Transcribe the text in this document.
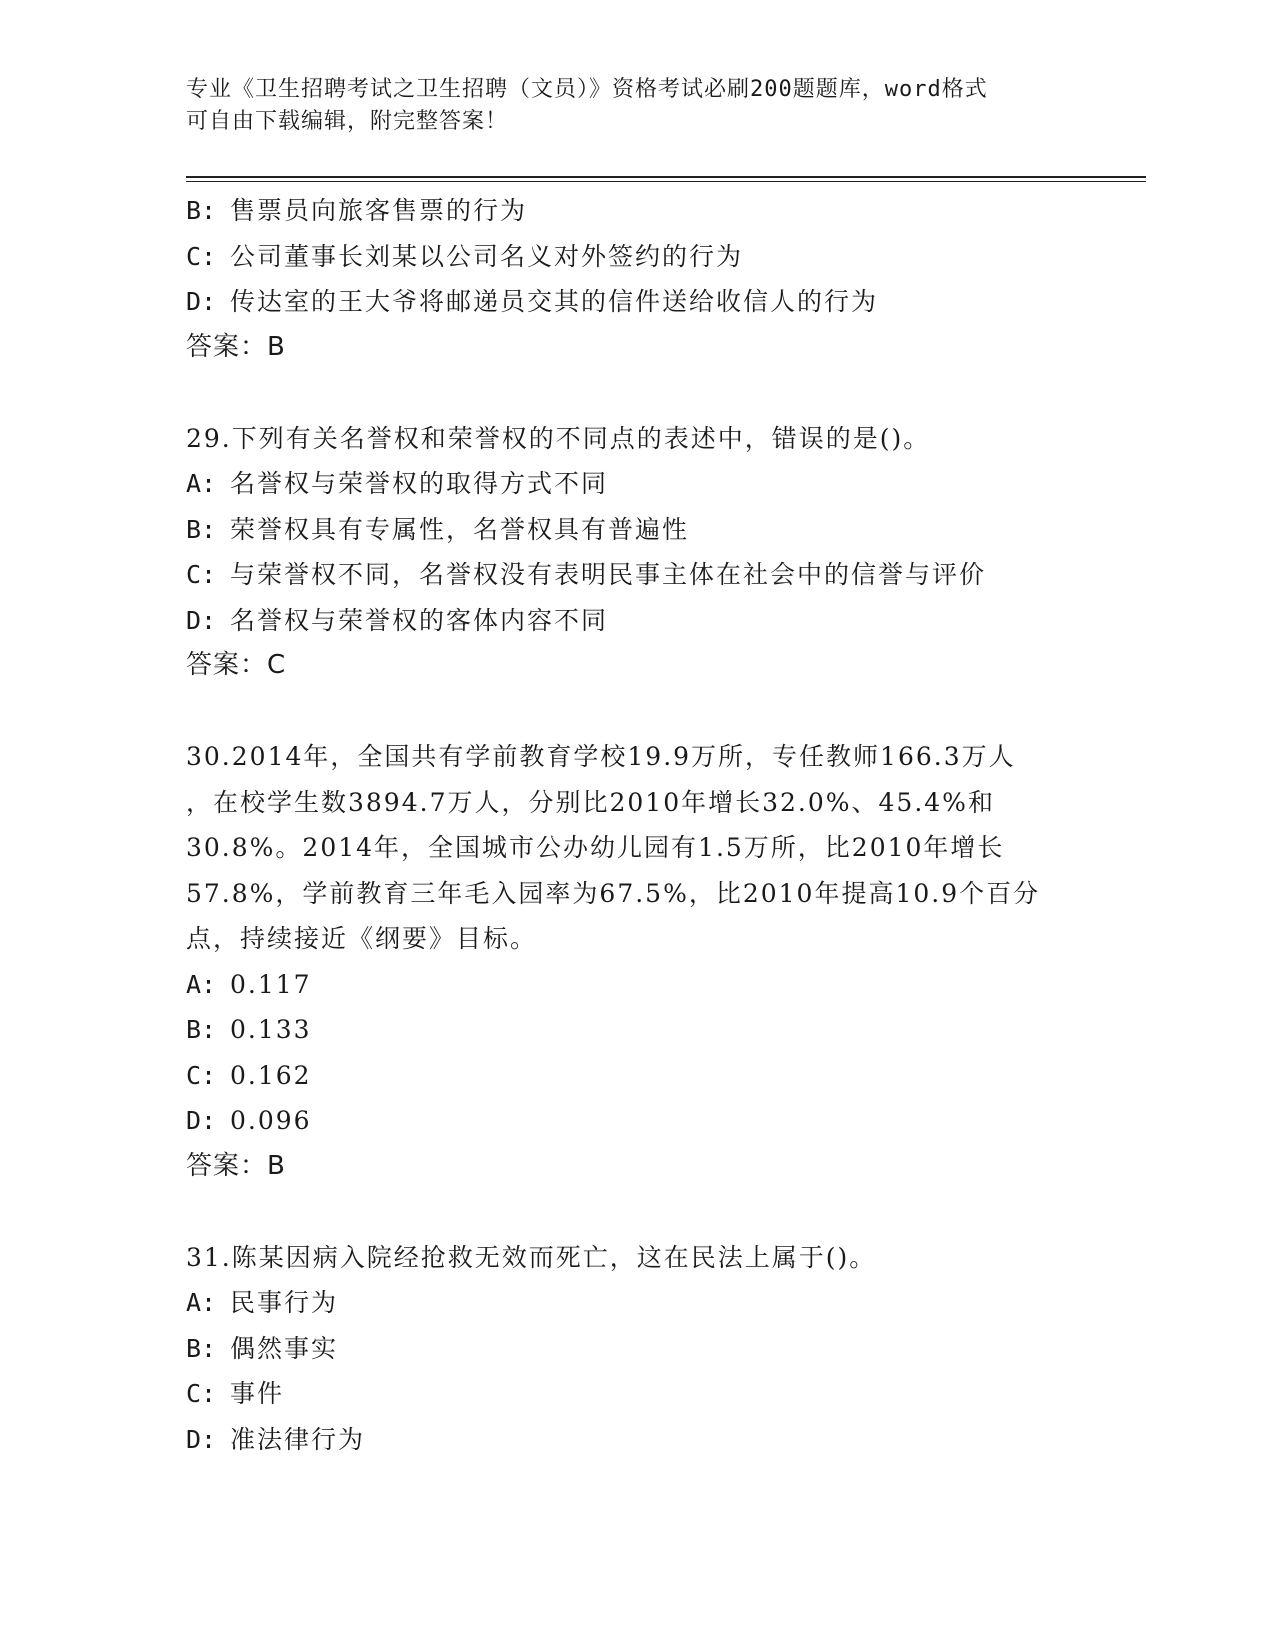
专业《卫生招聘考试之卫生招聘（文员）》资格考试必刷200题题库，word格式
可自由下载编辑，附完整答案！
B: 售票员向旅客售票的行为
C: 公司董事长刘某以公司名义对外签约的行为
D: 传达室的王大爷将邮递员交其的信件送给收信人的行为
答案：B
29.下列有关名誉权和荣誉权的不同点的表述中，错误的是()。
A: 名誉权与荣誉权的取得方式不同
B: 荣誉权具有专属性，名誉权具有普遍性
C: 与荣誉权不同，名誉权没有表明民事主体在社会中的信誉与评价
D: 名誉权与荣誉权的客体内容不同
答案：C
30.2014年，全国共有学前教育学校19.9万所，专任教师166.3万人
，在校学生数3894.7万人，分别比2010年增长32.0%、45.4%和
30.8%。2014年，全国城市公办幼儿园有1.5万所，比2010年增长
57.8%，学前教育三年毛入园率为67.5%，比2010年提高10.9个百分
点，持续接近《纲要》目标。
A: 0.117
B: 0.133
C: 0.162
D: 0.096
答案：B
31.陈某因病入院经抢救无效而死亡，这在民法上属于()。
A: 民事行为
B: 偶然事实
C: 事件
D: 准法律行为
